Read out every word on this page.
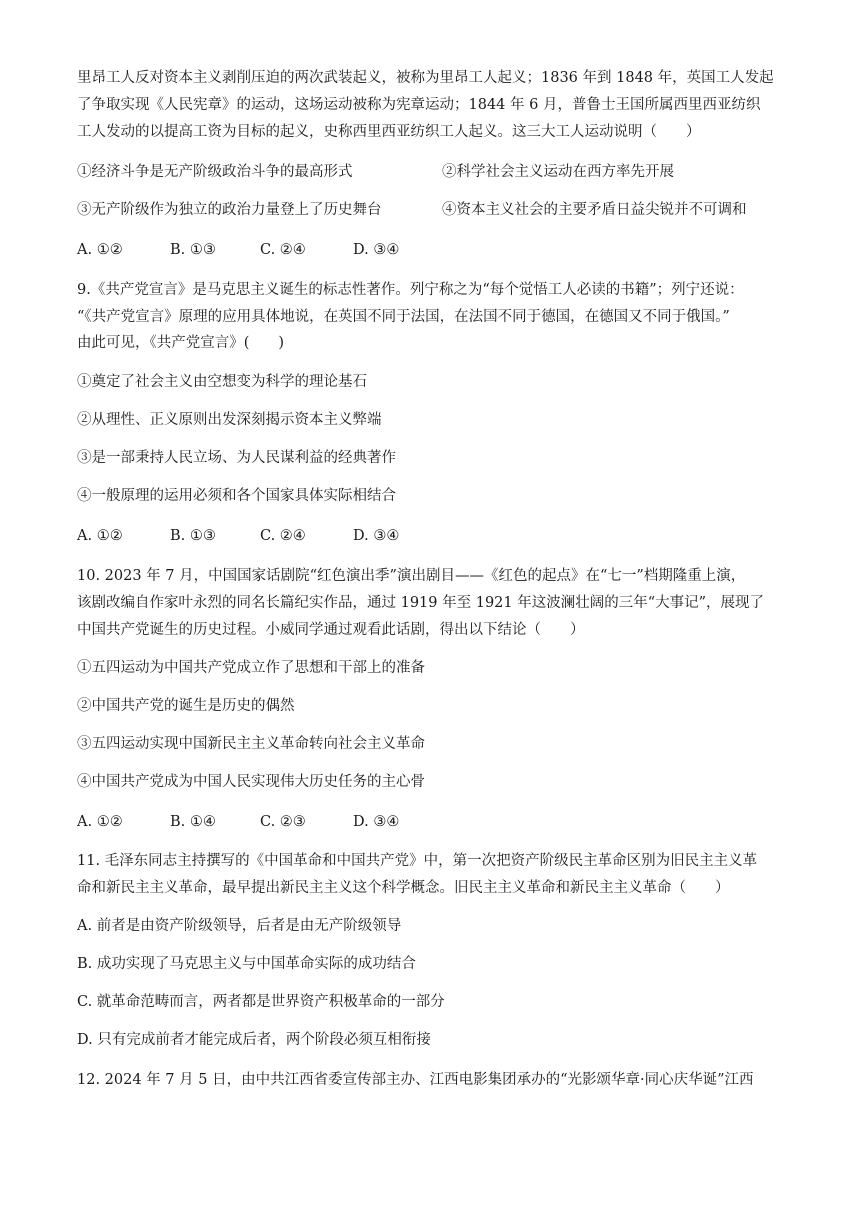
里昂工人反对资本主义剥削压迫的两次武装起义，被称为里昂工人起义；1836 年到 1848 年，英国工人发起
了争取实现《人民宪章》的运动，这场运动被称为宪章运动；1844 年 6 月，普鲁士王国所属西里西亚纺织
工人发动的以提高工资为目标的起义，史称西里西亚纺织工人起义。这三大工人运动说明（　　）
①经济斗争是无产阶级政治斗争的最高形式	②科学社会主义运动在西方率先开展
③无产阶级作为独立的政治力量登上了历史舞台	④资本主义社会的主要矛盾日益尖锐并不可调和
A. ①②	B. ①③	C. ②④	D. ③④
9.《共产党宣言》是马克思主义诞生的标志性著作。列宁称之为“每个觉悟工人必读的书籍”；列宁还说：
“《共产党宣言》原理的应用具体地说，在英国不同于法国，在法国不同于德国，在德国又不同于俄国。”
由此可见，《共产党宣言》(　　)
①奠定了社会主义由空想变为科学的理论基石
②从理性、正义原则出发深刻揭示资本主义弊端
③是一部秉持人民立场、为人民谋利益的经典著作
④一般原理的运用必须和各个国家具体实际相结合
A. ①②	B. ①③	C. ②④	D. ③④
10. 2023 年 7 月，中国国家话剧院“红色演出季”演出剧目——《红色的起点》在“七一”档期隆重上演，
该剧改编自作家叶永烈的同名长篇纪实作品，通过 1919 年至 1921 年这波澜壮阔的三年“大事记”，展现了
中国共产党诞生的历史过程。小威同学通过观看此话剧，得出以下结论（　　）
①五四运动为中国共产党成立作了思想和干部上的准备
②中国共产党的诞生是历史的偶然
③五四运动实现中国新民主主义革命转向社会主义革命
④中国共产党成为中国人民实现伟大历史任务的主心骨
A. ①②	B. ①④	C. ②③	D. ③④
11. 毛泽东同志主持撰写的《中国革命和中国共产党》中，第一次把资产阶级民主革命区别为旧民主主义革
命和新民主主义革命，最早提出新民主主义这个科学概念。旧民主主义革命和新民主主义革命（　　）
A. 前者是由资产阶级领导，后者是由无产阶级领导
B. 成功实现了马克思主义与中国革命实际的成功结合
C. 就革命范畴而言，两者都是世界资产积极革命的一部分
D. 只有完成前者才能完成后者，两个阶段必须互相衔接
12. 2024 年 7 月 5 日，由中共江西省委宣传部主办、江西电影集团承办的“光影颂华章·同心庆华诞”江西
